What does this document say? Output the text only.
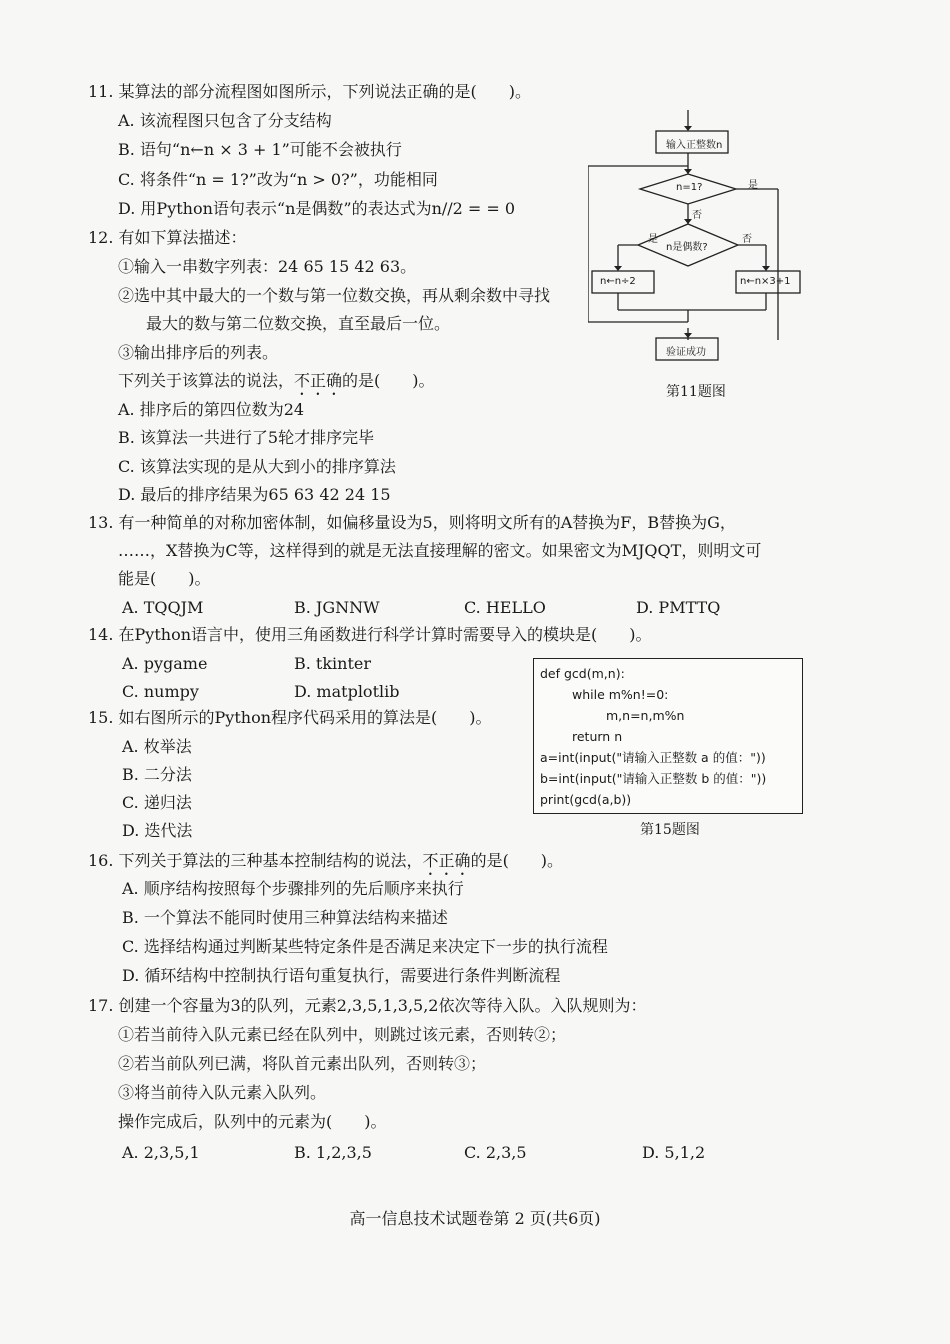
11. 某算法的部分流程图如图所示，下列说法正确的是(　　)。
A. 该流程图只包含了分支结构
B. 语句“n←n × 3 + 1”可能不会被执行
C. 将条件“n = 1?”改为“n > 0?”，功能相同
D. 用Python语句表示“n是偶数”的表达式为n//2 = = 0
输入正整数n
n=1?	是
否
n是偶数?
是	否
n←n÷2	n←n×3+1
验证成功
第11题图
12. 有如下算法描述：
①输入一串数字列表：24 65 15 42 63。
②选中其中最大的一个数与第一位数交换，再从剩余数中寻找
最大的数与第二位数交换，直至最后一位。
③输出排序后的列表。
下列关于该算法的说法，不正确的是(　　)。
A. 排序后的第四位数为24
B. 该算法一共进行了5轮才排序完毕
C. 该算法实现的是从大到小的排序算法
D. 最后的排序结果为65 63 42 24 15
13. 有一种简单的对称加密体制，如偏移量设为5，则将明文所有的A替换为F，B替换为G，
……，X替换为C等，这样得到的就是无法直接理解的密文。如果密文为MJQQT，则明文可
能是(　　)。
A. TQQJM	B. JGNNW	C. HELLO	D. PMTTQ
14. 在Python语言中，使用三角函数进行科学计算时需要导入的模块是(　　)。
A. pygame	B. tkinter
C. numpy	D. matplotlib
15. 如右图所示的Python程序代码采用的算法是(　　)。
A. 枚举法
B. 二分法
C. 递归法
D. 迭代法
def gcd(m,n):
while m%n!=0:
m,n=n,m%n
return n
a=int(input("请输入正整数 a 的值："))
b=int(input("请输入正整数 b 的值："))
print(gcd(a,b))
第15题图
16. 下列关于算法的三种基本控制结构的说法，不正确的是(　　)。
A. 顺序结构按照每个步骤排列的先后顺序来执行
B. 一个算法不能同时使用三种算法结构来描述
C. 选择结构通过判断某些特定条件是否满足来决定下一步的执行流程
D. 循环结构中控制执行语句重复执行，需要进行条件判断流程
17. 创建一个容量为3的队列，元素2,3,5,1,3,5,2依次等待入队。入队规则为：
①若当前待入队元素已经在队列中，则跳过该元素，否则转②；
②若当前队列已满，将队首元素出队列，否则转③；
③将当前待入队元素入队列。
操作完成后，队列中的元素为(　　)。
A. 2,3,5,1	B. 1,2,3,5	C. 2,3,5	D. 5,1,2
高一信息技术试题卷第 2 页(共6页)
